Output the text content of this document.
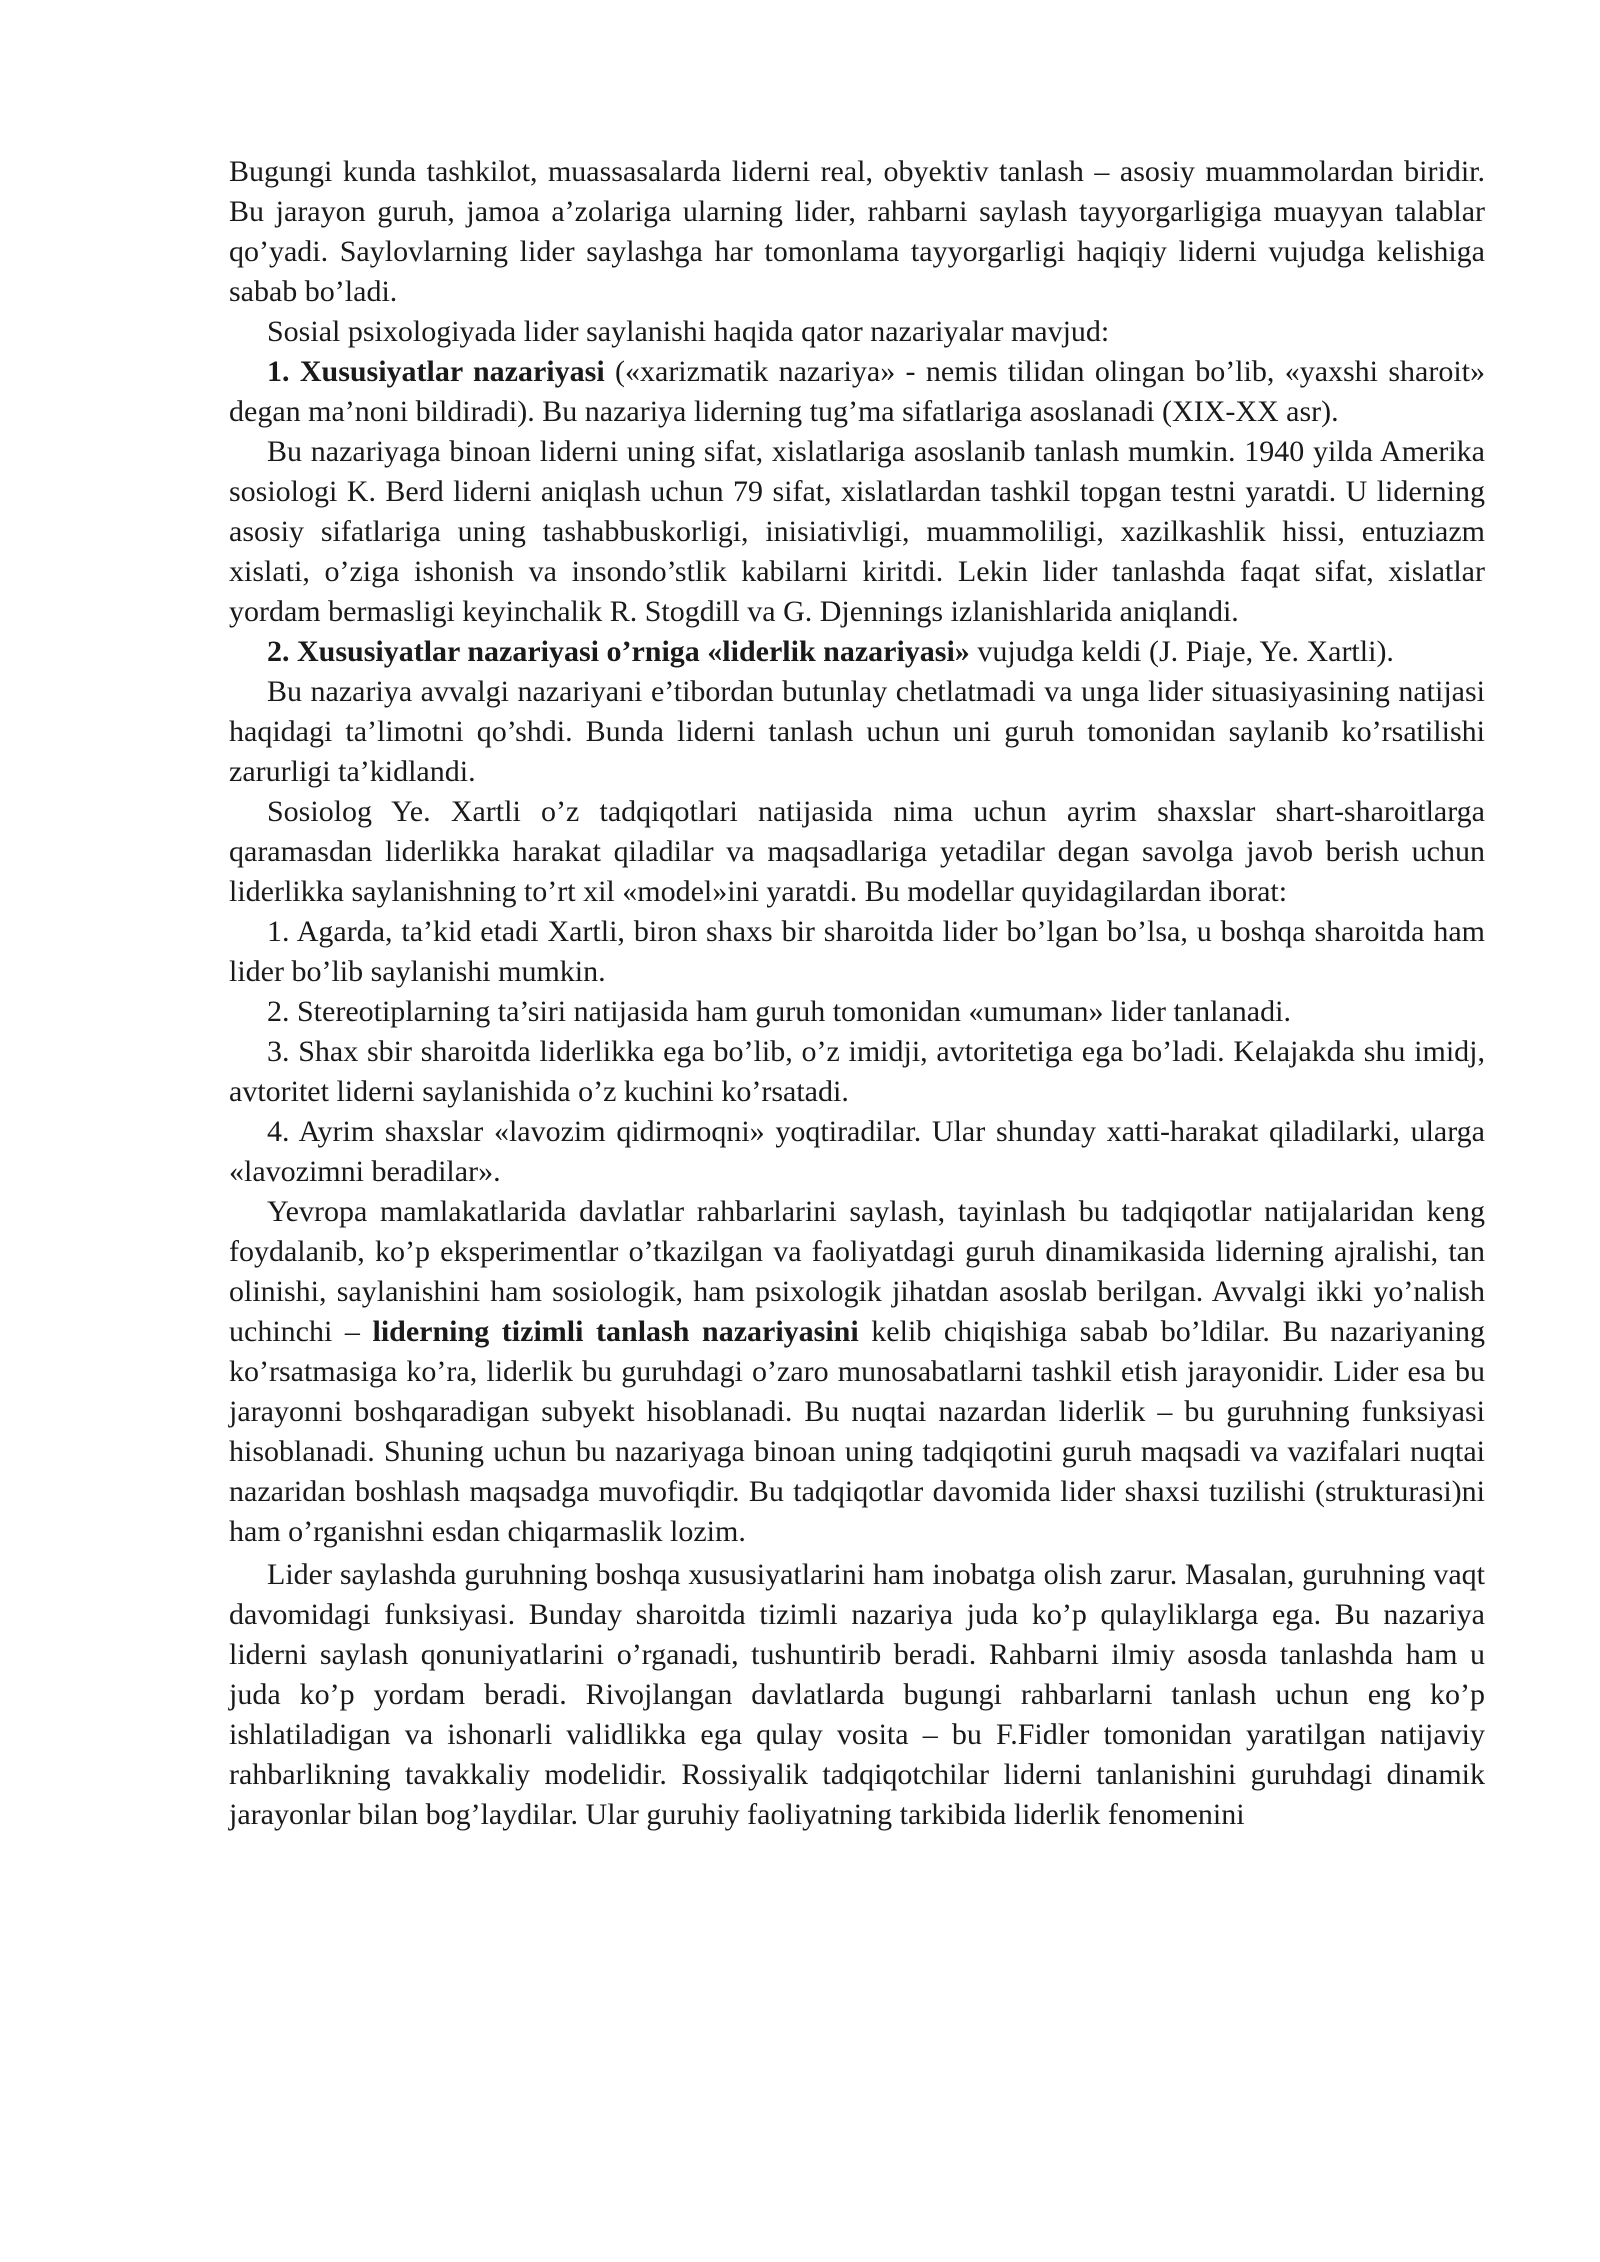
Bugungi kunda tashkilot, muassasalarda liderni real, obyektiv tanlash – asosiy muammolardan biridir. Bu jarayon guruh, jamoa a’zolariga ularning lider, rahbarni saylash tayyorgarligiga muayyan talablar qo’yadi. Saylovlarning lider saylashga har tomonlama tayyorgarligi haqiqiy liderni vujudga kelishiga sabab bo’ladi.

Sosial psixologiyada lider saylanishi haqida qator nazariyalar mavjud:

1. Xususiyatlar nazariyasi («xarizmatik nazariya» - nemis tilidan olingan bo’lib, «yaxshi sharoit» degan ma’noni bildiradi). Bu nazariya liderning tug’ma sifatlariga asoslanadi (XIX-XX asr).

Bu nazariyaga binoan liderni uning sifat, xislatlariga asoslanib tanlash mumkin. 1940 yilda Amerika sosiologi K. Berd liderni aniqlash uchun 79 sifat, xislatlardan tashkil topgan testni yaratdi. U liderning asosiy sifatlariga uning tashabbuskorligi, inisiativligi, muammoliligi, xazilkashlik hissi, entuziazm xislati, o’ziga ishonish va insondo’stlik kabilarni kiritdi. Lekin lider tanlashda faqat sifat, xislatlar yordam bermasligi keyinchalik R. Stogdill va G. Djennings izlanishlarida aniqlandi.

2. Xususiyatlar nazariyasi o’rniga «liderlik nazariyasi» vujudga keldi (J. Piaje, Ye. Xartli).

Bu nazariya avvalgi nazariyani e’tibordan butunlay chetlatmadi va unga lider situasiyasining natijasi haqidagi ta’limotni qo’shdi. Bunda liderni tanlash uchun uni guruh tomonidan saylanib ko’rsatilishi zarurligi ta’kidlandi.

Sosiolog Ye. Xartli o’z tadqiqotlari natijasida nima uchun ayrim shaxslar shart-sharoitlarga qaramasdan liderlikka harakat qiladilar va maqsadlariga yetadilar degan savolga javob berish uchun liderlikka saylanishning to’rt xil «model»ini yaratdi. Bu modellar quyidagilardan iborat:

1. Agarda, ta’kid etadi Xartli, biron shaxs bir sharoitda lider bo’lgan bo’lsa, u boshqa sharoitda ham lider bo’lib saylanishi mumkin.

2. Stereotiplarning ta’siri natijasida ham guruh tomonidan «umuman» lider tanlanadi.

3. Shax sbir sharoitda liderlikka ega bo’lib, o’z imidji, avtoritetiga ega bo’ladi. Kelajakda shu imidj, avtoritet liderni saylanishida o’z kuchini ko’rsatadi.

4. Ayrim shaxslar «lavozim qidirmoqni» yoqtiradilar. Ular shunday xatti-harakat qiladilarki, ularga «lavozimni beradilar».

Yevropa mamlakatlarida davlatlar rahbarlarini saylash, tayinlash bu tadqiqotlar natijalaridan keng foydalanib, ko’p eksperimentlar o’tkazilgan va faoliyatdagi guruh dinamikasida liderning ajralishi, tan olinishi, saylanishini ham sosiologik, ham psixologik jihatdan asoslab berilgan. Avvalgi ikki yo’nalish uchinchi – liderning tizimli tanlash nazariyasini kelib chiqishiga sabab bo’ldilar. Bu nazariyaning ko’rsatmasiga ko’ra, liderlik bu guruhdagi o’zaro munosabatlarni tashkil etish jarayonidir. Lider esa bu jarayonni boshqaradigan subyekt hisoblanadi. Bu nuqtai nazardan liderlik – bu guruhning funksiyasi hisoblanadi. Shuning uchun bu nazariyaga binoan uning tadqiqotini guruh maqsadi va vazifalari nuqtai nazaridan boshlash maqsadga muvofiqdir. Bu tadqiqotlar davomida lider shaxsi tuzilishi (strukturasi)ni ham o’rganishni esdan chiqarmaslik lozim.

Lider saylashda guruhning boshqa xususiyatlarini ham inobatga olish zarur. Masalan, guruhning vaqt davomidagi funksiyasi. Bunday sharoitda tizimli nazariya juda ko’p qulayliklarga ega. Bu nazariya liderni saylash qonuniyatlarini o’rganadi, tushuntirib beradi. Rahbarni ilmiy asosda tanlashda ham u juda ko’p yordam beradi. Rivojlangan davlatlarda bugungi rahbarlarni tanlash uchun eng ko’p ishlatiladigan va ishonarli validlikka ega qulay vosita – bu F.Fidler tomonidan yaratilgan natijaviy rahbarlikning tavakkaliy modelidir. Rossiyalik tadqiqotchilar liderni tanlanishini guruhdagi dinamik jarayonlar bilan bog’laydilar. Ular guruhiy faoliyatning tarkibida liderlik fenomenini
